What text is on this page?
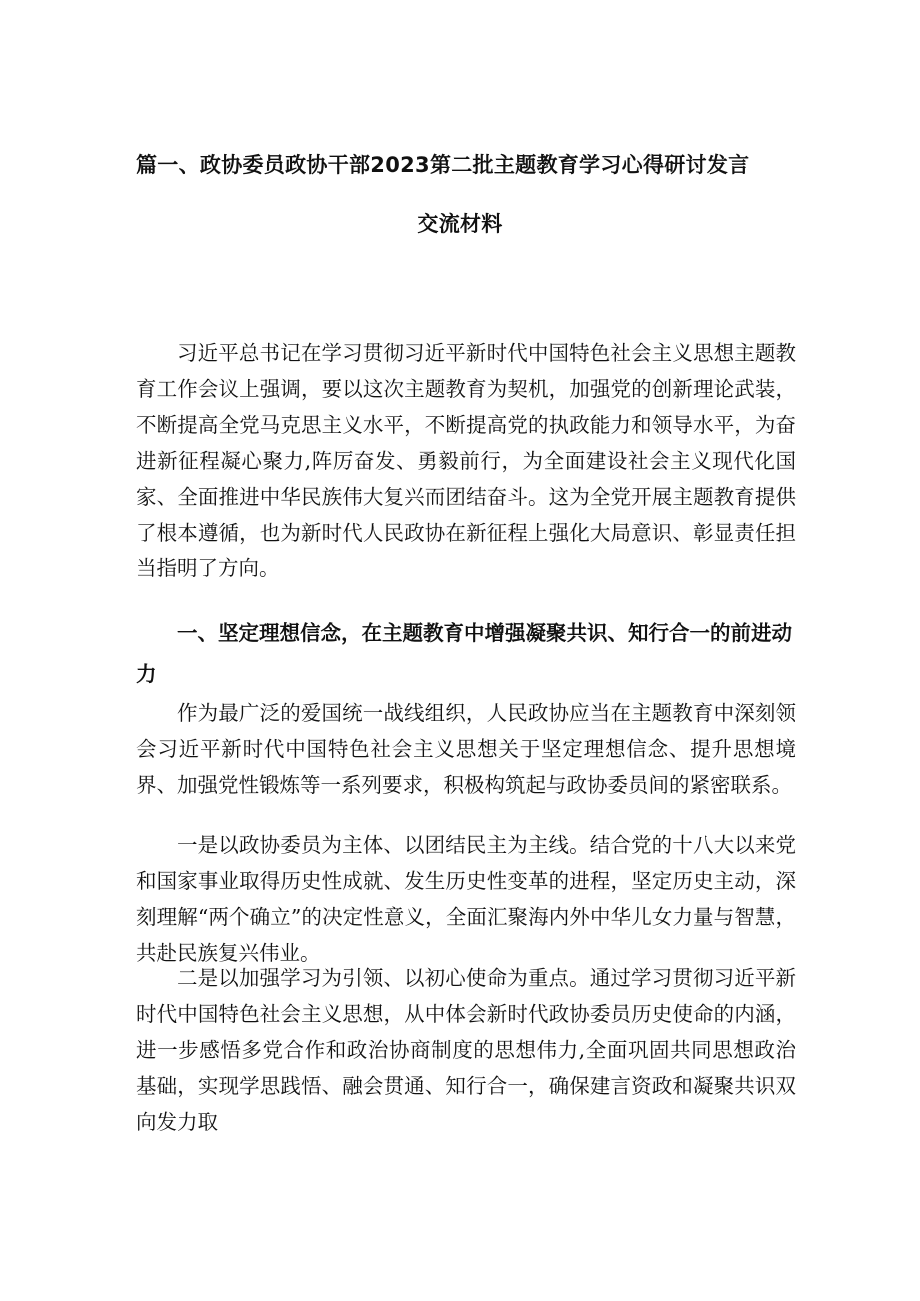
篇一、政协委员政协干部2023第二批主题教育学习心得研讨发言
交流材料

习近平总书记在学习贯彻习近平新时代中国特色社会主义思想主题教育工作会议上强调，要以这次主题教育为契机，加强党的创新理论武装，不断提高全党马克思主义水平，不断提高党的执政能力和领导水平，为奋进新征程凝心聚力,阵厉奋发、勇毅前行，为全面建设社会主义现代化国家、全面推进中华民族伟大复兴而团结奋斗。这为全党开展主题教育提供了根本遵循，也为新时代人民政协在新征程上强化大局意识、彰显责任担当指明了方向。

一、坚定理想信念，在主题教育中增强凝聚共识、知行合一的前进动力

作为最广泛的爱国统一战线组织，人民政协应当在主题教育中深刻领会习近平新时代中国特色社会主义思想关于坚定理想信念、提升思想境界、加强党性锻炼等一系列要求，积极构筑起与政协委员间的紧密联系。

一是以政协委员为主体、以团结民主为主线。结合党的十八大以来党和国家事业取得历史性成就、发生历史性变革的进程，坚定历史主动，深刻理解“两个确立”的决定性意义，全面汇聚海内外中华儿女力量与智慧，共赴民族复兴伟业。

二是以加强学习为引领、以初心使命为重点。通过学习贯彻习近平新时代中国特色社会主义思想，从中体会新时代政协委员历史使命的内涵，进一步感悟多党合作和政治协商制度的思想伟力,全面巩固共同思想政治基础，实现学思践悟、融会贯通、知行合一，确保建言资政和凝聚共识双向发力取
